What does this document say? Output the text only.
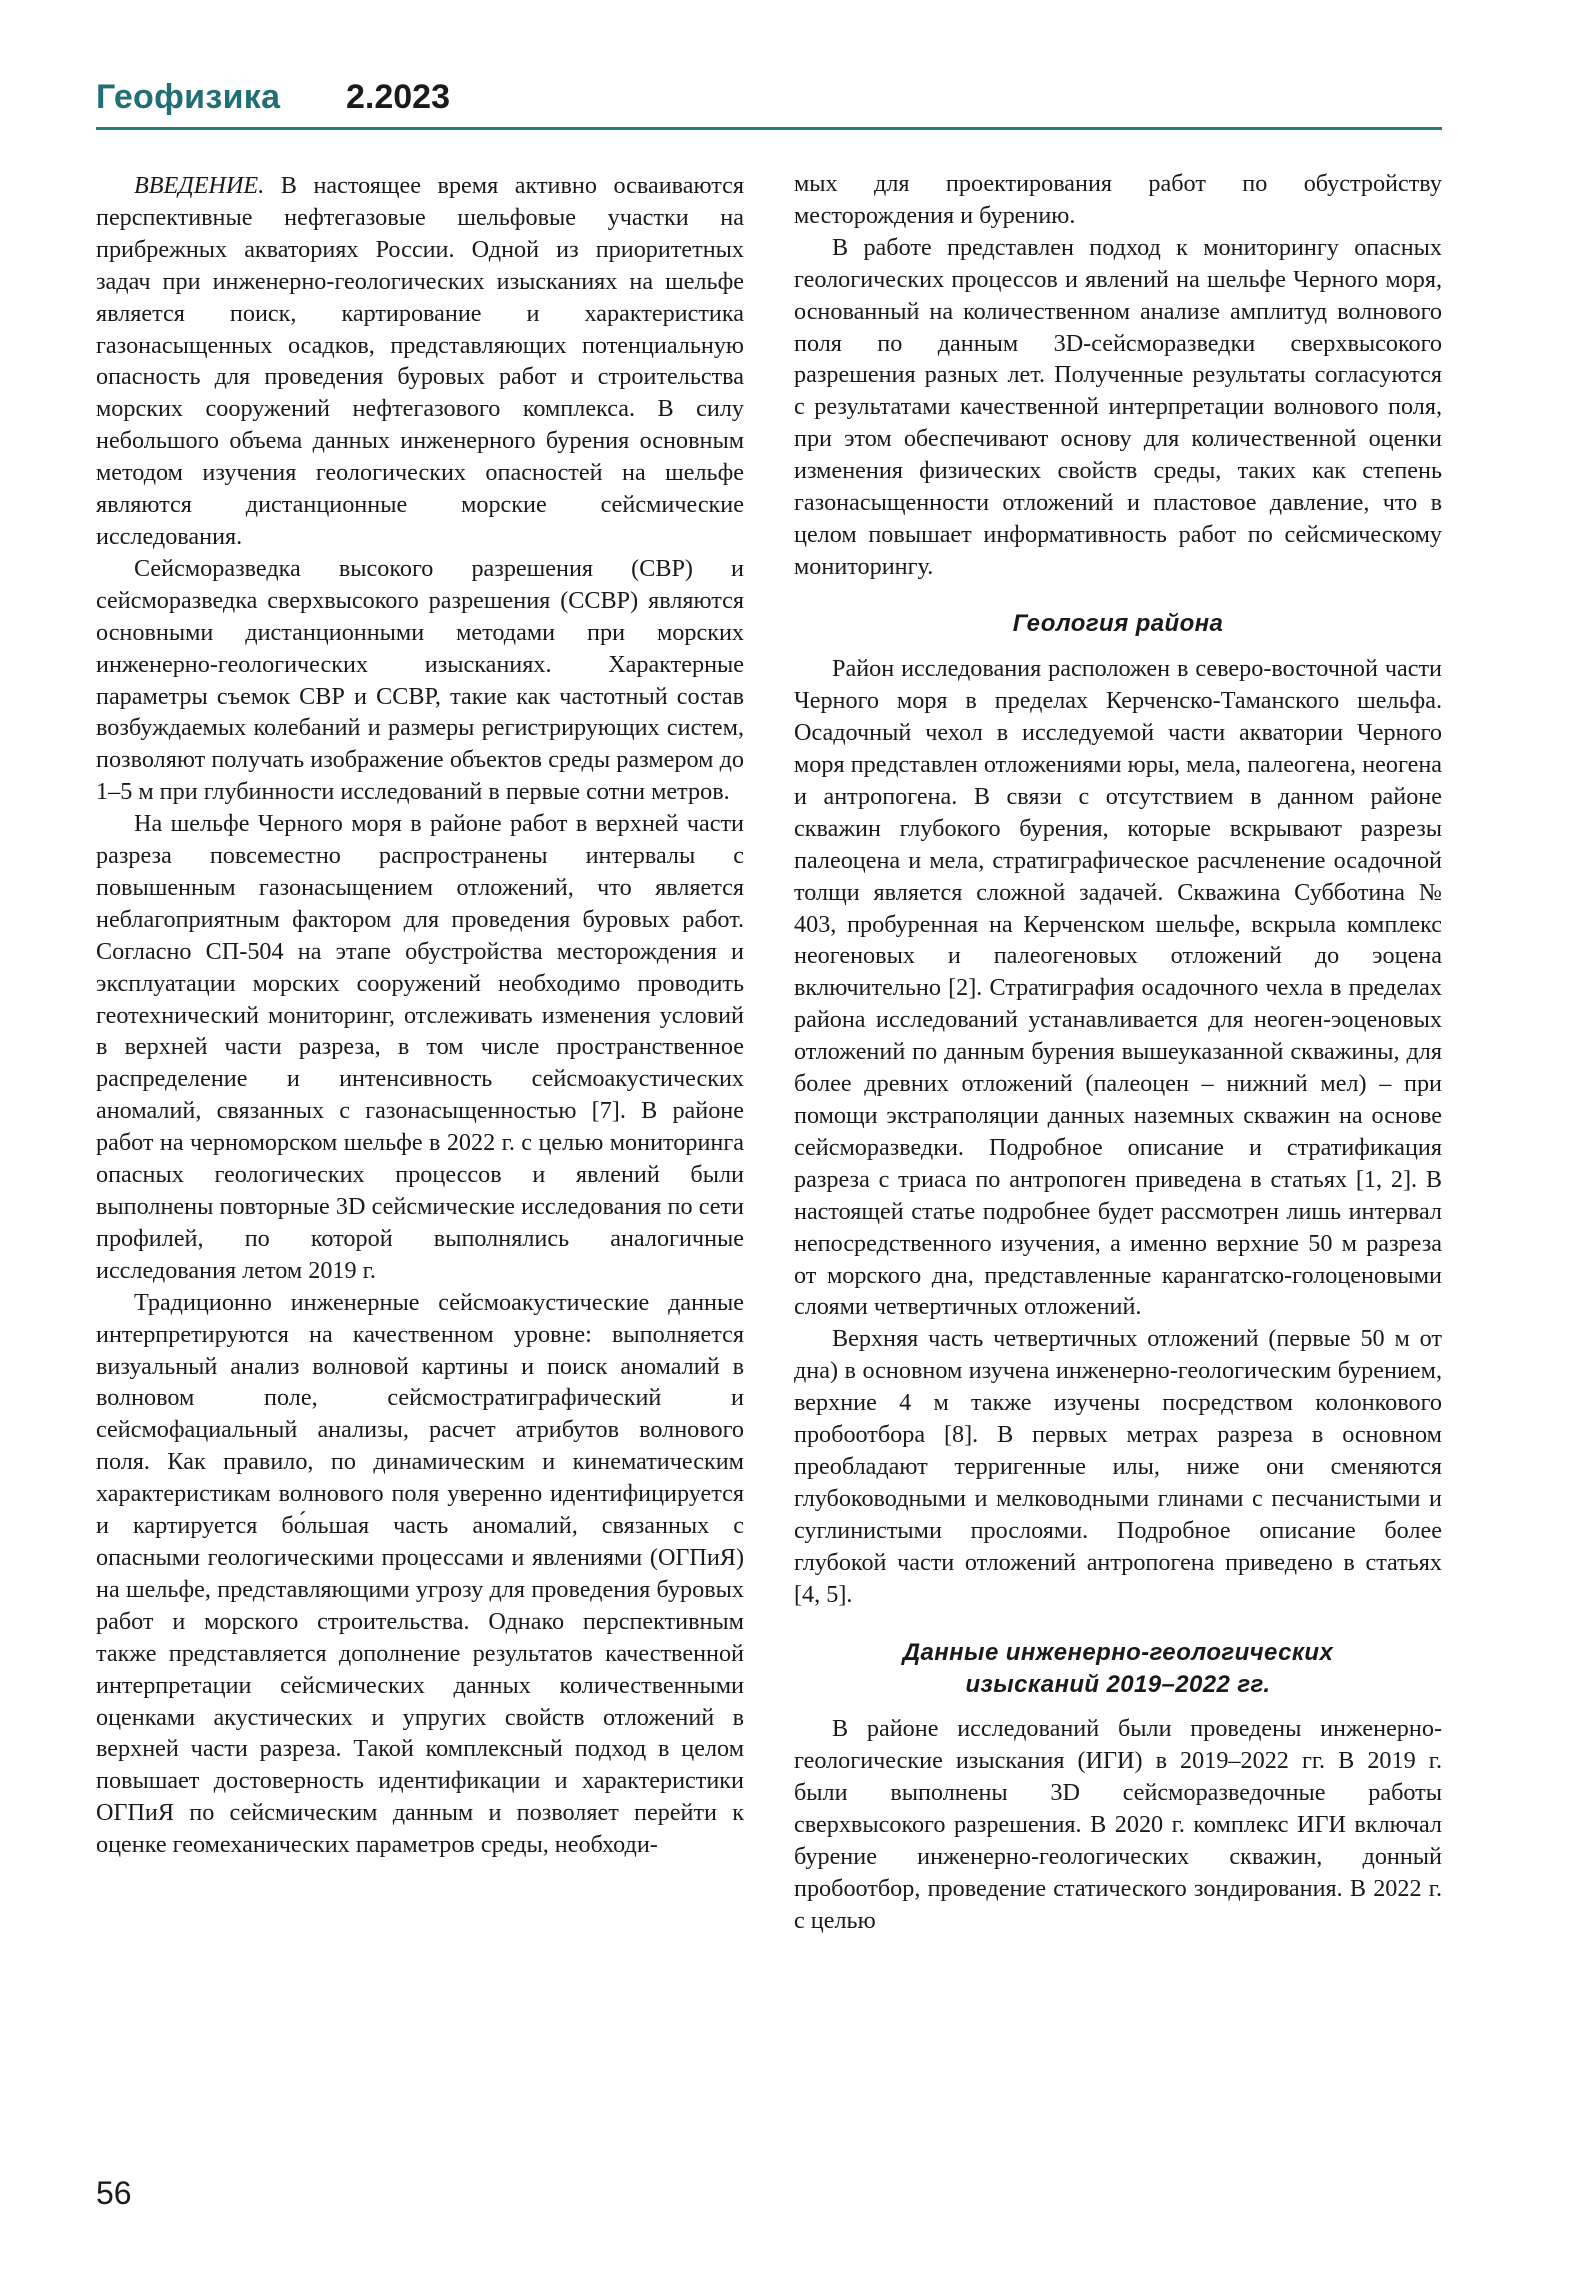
Геофизика 2.2023

ВВЕДЕНИЕ. В настоящее время активно осваиваются перспективные нефтегазовые шельфовые участки на прибрежных акваториях России. Одной из приоритетных задач при инженерно-геологических изысканиях на шельфе является поиск, картирование и характеристика газонасыщенных осадков, представляющих потенциальную опасность для проведения буровых работ и строительства морских сооружений нефтегазового комплекса. В силу небольшого объема данных инженерного бурения основным методом изучения геологических опасностей на шельфе являются дистанционные морские сейсмические исследования.

Сейсморазведка высокого разрешения (СВР) и сейсморазведка сверхвысокого разрешения (ССВР) являются основными дистанционными методами при морских инженерно-геологических изысканиях. Характерные параметры съемок СВР и ССВР, такие как частотный состав возбуждаемых колебаний и размеры регистрирующих систем, позволяют получать изображение объектов среды размером до 1–5 м при глубинности исследований в первые сотни метров.

На шельфе Черного моря в районе работ в верхней части разреза повсеместно распространены интервалы с повышенным газонасыщением отложений, что является неблагоприятным фактором для проведения буровых работ. Согласно СП-504 на этапе обустройства месторождения и эксплуатации морских сооружений необходимо проводить геотехнический мониторинг, отслеживать изменения условий в верхней части разреза, в том числе пространственное распределение и интенсивность сейсмоакустических аномалий, связанных с газонасыщенностью [7]. В районе работ на черноморском шельфе в 2022 г. с целью мониторинга опасных геологических процессов и явлений были выполнены повторные 3D сейсмические исследования по сети профилей, по которой выполнялись аналогичные исследования летом 2019 г.

Традиционно инженерные сейсмоакустические данные интерпретируются на качественном уровне: выполняется визуальный анализ волновой картины и поиск аномалий в волновом поле, сейсмостратиграфический и сейсмофациальный анализы, расчет атрибутов волнового поля. Как правило, по динамическим и кинематическим характеристикам волнового поля уверенно идентифицируется и картируется бо́льшая часть аномалий, связанных с опасными геологическими процессами и явлениями (ОГПиЯ) на шельфе, представляющими угрозу для проведения буровых работ и морского строительства. Однако перспективным также представляется дополнение результатов качественной интерпретации сейсмических данных количественными оценками акустических и упругих свойств отложений в верхней части разреза. Такой комплексный подход в целом повышает достоверность идентификации и характеристики ОГПиЯ по сейсмическим данным и позволяет перейти к оценке геомеханических параметров среды, необходи-

мых для проектирования работ по обустройству месторождения и бурению.

В работе представлен подход к мониторингу опасных геологических процессов и явлений на шельфе Черного моря, основанный на количественном анализе амплитуд волнового поля по данным 3D-сейсморазведки сверхвысокого разрешения разных лет. Полученные результаты согласуются с результатами качественной интерпретации волнового поля, при этом обеспечивают основу для количественной оценки изменения физических свойств среды, таких как степень газонасыщенности отложений и пластовое давление, что в целом повышает информативность работ по сейсмическому мониторингу.

Геология района

Район исследования расположен в северо-восточной части Черного моря в пределах Керченско-Таманского шельфа. Осадочный чехол в исследуемой части акватории Черного моря представлен отложениями юры, мела, палеогена, неогена и антропогена. В связи с отсутствием в данном районе скважин глубокого бурения, которые вскрывают разрезы палеоцена и мела, стратиграфическое расчленение осадочной толщи является сложной задачей. Скважина Субботина № 403, пробуренная на Керченском шельфе, вскрыла комплекс неогеновых и палеогеновых отложений до эоцена включительно [2]. Стратиграфия осадочного чехла в пределах района исследований устанавливается для неоген-эоценовых отложений по данным бурения вышеуказанной скважины, для более древних отложений (палеоцен – нижний мел) – при помощи экстраполяции данных наземных скважин на основе сейсморазведки. Подробное описание и стратификация разреза с триаса по антропоген приведена в статьях [1, 2]. В настоящей статье подробнее будет рассмотрен лишь интервал непосредственного изучения, а именно верхние 50 м разреза от морского дна, представленные карангатско-голоценовыми слоями четвертичных отложений.

Верхняя часть четвертичных отложений (первые 50 м от дна) в основном изучена инженерно-геологическим бурением, верхние 4 м также изучены посредством колонкового пробоотбора [8]. В первых метрах разреза в основном преобладают терригенные илы, ниже они сменяются глубоководными и мелководными глинами с песчанистыми и суглинистыми прослоями. Подробное описание более глубокой части отложений антропогена приведено в статьях [4, 5].

Данные инженерно-геологических
изысканий 2019–2022 гг.

В районе исследований были проведены инженерно-геологические изыскания (ИГИ) в 2019–2022 гг. В 2019 г. были выполнены 3D сейсморазведочные работы сверхвысокого разрешения. В 2020 г. комплекс ИГИ включал бурение инженерно-геологических скважин, донный пробоотбор, проведение статического зондирования. В 2022 г. с целью

56
